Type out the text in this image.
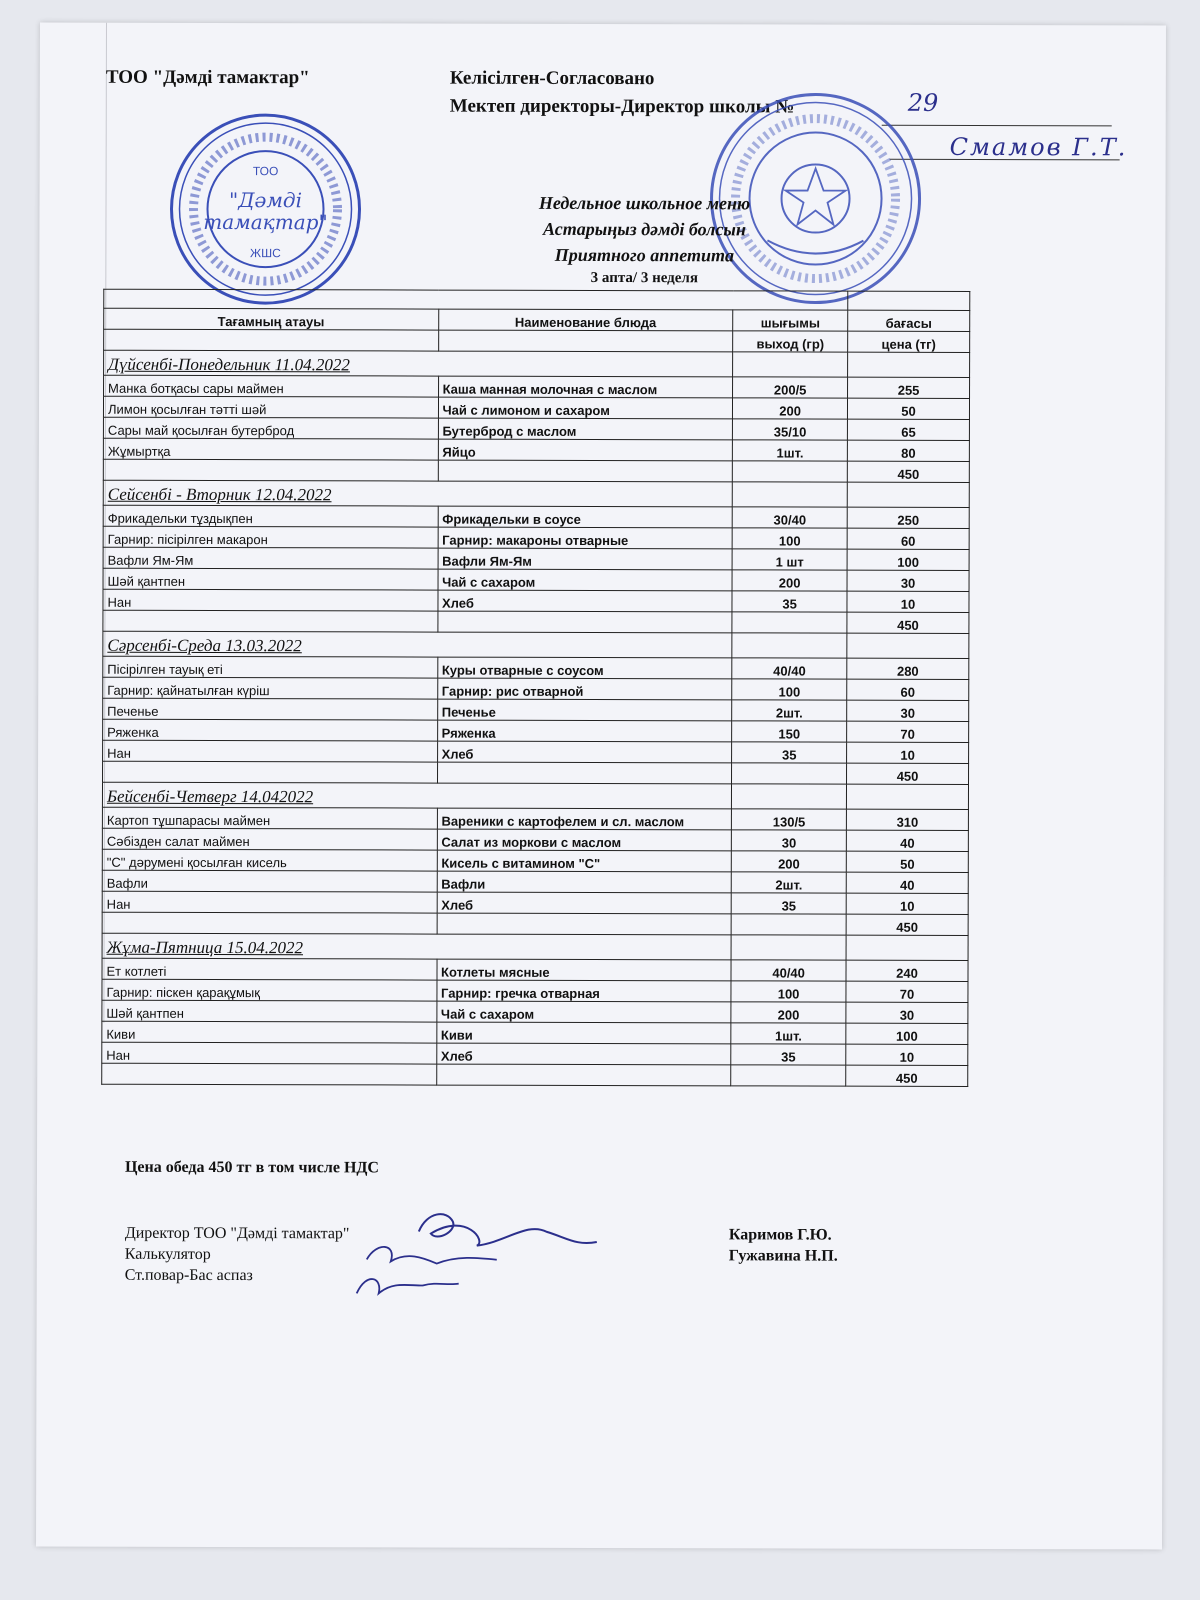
ТОО "Дәмді тамактар"	Келісілген-Согласовано
Мектеп директоры-Директор школы №	29
Смамов Г.Т.
ТОО
"Дәмді
тамақтар"
ЖШС
Недельное школьное меню
Астарыңыз дәмді болсын
Приятного аппетита
3 апта/ 3 неделя

Тағамның атауы	Наименование блюда	шығымы	бағасы
		выход (гр)	цена (тг)
Дүйсенбі-Понедельник 11.04.2022			
Манка ботқасы сары маймен	Каша манная молочная с маслом	200/5	255
Лимон қосылған тәтті шәй	Чай с лимоном и сахаром	200	50
Сары май қосылған бутерброд	Бутерброд с маслом	35/10	65
Жұмыртқа	Яйцо	1шт.	80
			450
Сейсенбі - Вторник 12.04.2022			
Фрикадельки тұздықпен	Фрикадельки в соусе	30/40	250
Гарнир: пісірілген макарон	Гарнир: макароны отварные	100	60
Вафли Ям-Ям	Вафли Ям-Ям	1 шт	100
Шәй қантпен	Чай с сахаром	200	30
Нан	Хлеб	35	10
			450
Сәрсенбі-Среда 13.03.2022			
Пісірілген тауық еті	Куры отварные с соусом	40/40	280
Гарнир: қайнатылған күріш	Гарнир: рис отварной	100	60
Печенье	Печенье	2шт.	30
Ряженка	Ряженка	150	70
Нан	Хлеб	35	10
			450
Бейсенбі-Четверг 14.042022			
Картоп тұшпарасы маймен	Вареники с картофелем и сл. маслом	130/5	310
Сәбізден салат маймен	Салат из моркови с маслом	30	40
"С" дәрумені қосылған кисель	Кисель с витамином "С"	200	50
Вафли	Вафли	2шт.	40
Нан	Хлеб	35	10
			450
Жұма-Пятница 15.04.2022			
Ет котлеті	Котлеты мясные	40/40	240
Гарнир: піскен қарақұмық	Гарнир: гречка отварная	100	70
Шәй қантпен	Чай с сахаром	200	30
Киви	Киви	1шт.	100
Нан	Хлеб	35	10
			450
Цена обеда 450 тг в том числе НДС
Директор ТОО "Дәмді тамактар"
Калькулятор
Ст.повар-Бас аспаз
Каримов Г.Ю.
Гужавина Н.П.
